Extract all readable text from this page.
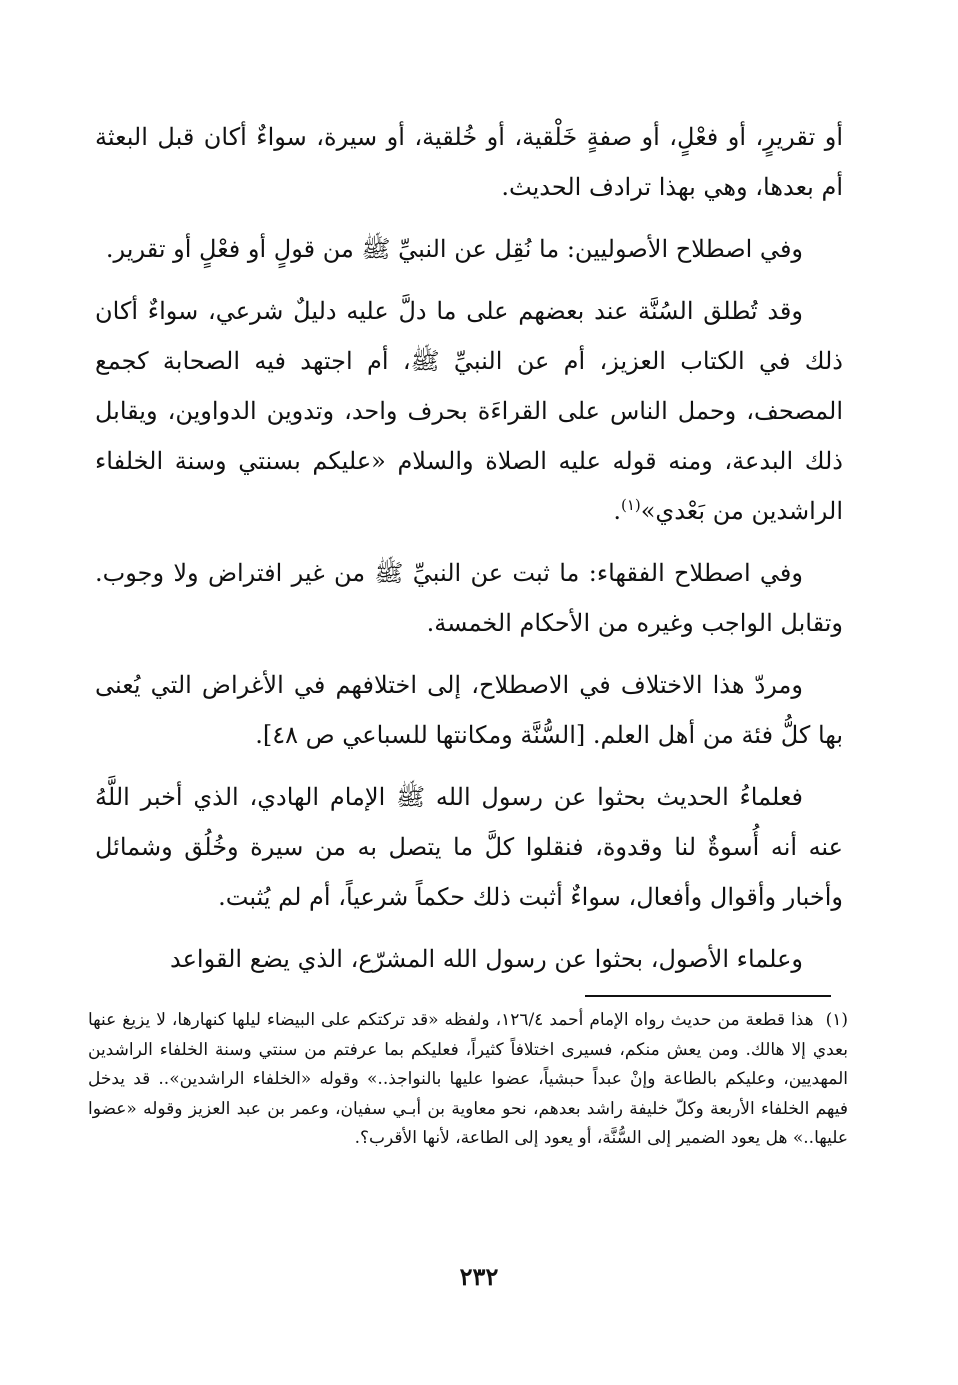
أو تقريرٍ، أو فعْلٍ، أو صفةٍ خَلْقية، أو خُلقية، أو سيرة، سواءٌ أكان قبل البعثة أم بعدها، وهي بهذا ترادف الحديث.

وفي اصطلاح الأصوليين: ما نُقِل عن النبيِّ ﷺ من قولٍ أو فعْلٍ أو تقرير.

وقد تُطلق السُنَّة عند بعضهم على ما دلَّ عليه دليلٌ شرعي، سواءٌ أكان ذلك في الكتاب العزيز، أم عن النبيِّ ﷺ، أم اجتهد فيه الصحابة كجمع المصحف، وحمل الناس على القراءَة بحرف واحد، وتدوين الدواوين، ويقابل ذلك البدعة، ومنه قوله عليه الصلاة والسلام «عليكم بسنتي وسنة الخلفاء الراشدين من بَعْدي»$^{(١)}$.

وفي اصطلاح الفقهاء: ما ثبت عن النبيِّ ﷺ من غير افتراض ولا وجوب. وتقابل الواجب وغيره من الأحكام الخمسة.

ومردّ هذا الاختلاف في الاصطلاح، إلى اختلافهم في الأغراض التي يُعنى بها كلُّ فئة من أهل العلم. [السُّنَّة ومكانتها للسباعي ص ٤٨].

فعلماءُ الحديث بحثوا عن رسول الله ﷺ الإمام الهادي، الذي أخبر اللَّهُ عنه أنه أُسوةٌ لنا وقدوة، فنقلوا كلَّ ما يتصل به من سيرة وخُلُق وشمائل وأخبار وأقوال وأفعال، سواءٌ أثبت ذلك حكماً شرعياً، أم لم يُثبت.

وعلماء الأصول، بحثوا عن رسول الله المشرّع، الذي يضع القواعد

(١)هذا قطعة من حديث رواه الإمام أحمد ١٢٦/٤، ولفظه «قد تركتكم على البيضاء ليلها كنهارها، لا يزيغ عنها بعدي إلا هالك. ومن يعش منكم، فسيرى اختلافاً كثيراً، فعليكم بما عرفتم من سنتي وسنة الخلفاء الراشدين المهديين، وعليكم بالطاعة وإنْ عبداً حبشياً، عضوا عليها بالنواجذ..» وقوله «الخلفاء الراشدين».. قد يدخل فيهم الخلفاء الأربعة وكلّ خليفة راشد بعدهم، نحو معاوية بن أبـي سفيان، وعمر بن عبد العزيز وقوله «عضوا عليها..» هل يعود الضمير إلى السُّنَّة، أو يعود إلى الطاعة، لأنها الأقرب؟.
٢٣٢
